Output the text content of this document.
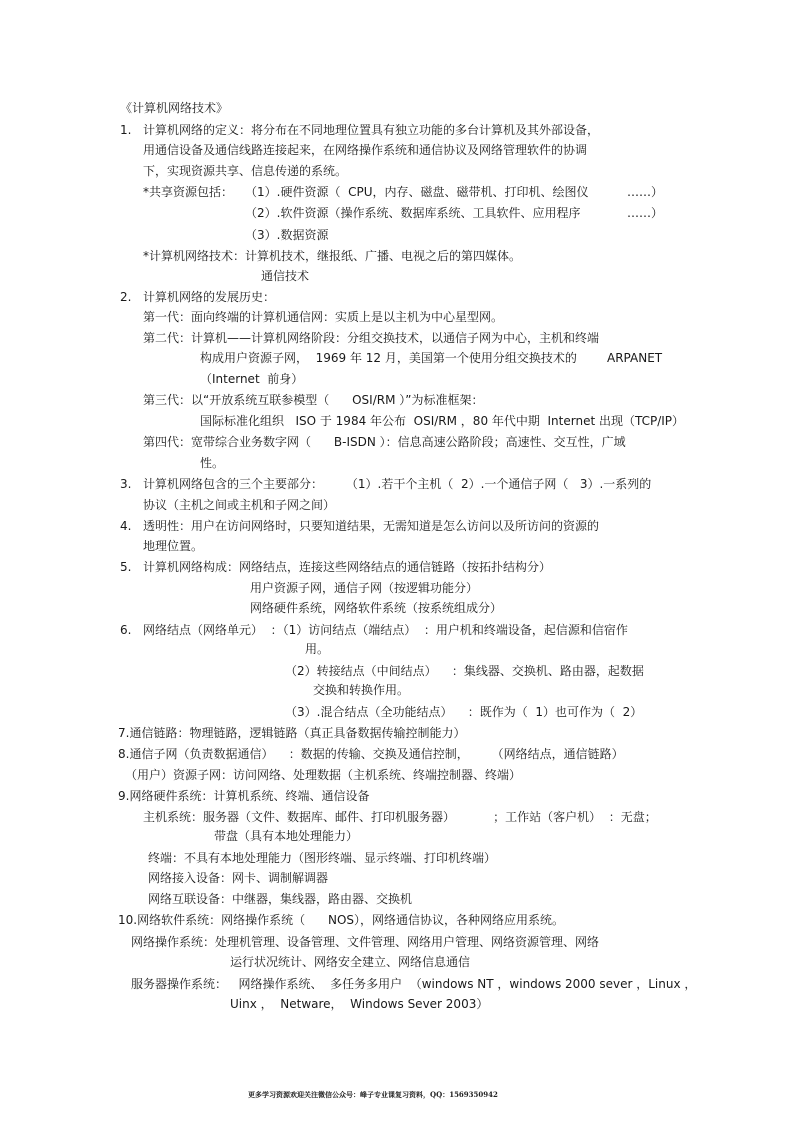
《计算机网络技术》
1. 计算机网络的定义：将分布在不同地理位置具有独立功能的多台计算机及其外部设备，
用通信设备及通信线路连接起来，在网络操作系统和通信协议及网络管理软件的协调
下，实现资源共享、信息传递的系统。
*共享资源包括： （1）.硬件资源（  CPU，内存、磁盘、磁带机、打印机、绘图仪	……）
（2）.软件资源（操作系统、数据库系统、工具软件、应用程序	……）
（3）.数据资源
*计算机网络技术：计算机技术，继报纸、广播、电视之后的第四媒体。
通信技术
2. 计算机网络的发展历史：
第一代：面向终端的计算机通信网：实质上是以主机为中心星型网。
第二代：计算机——计算机网络阶段：分组交换技术，以通信子网为中心，主机和终端
构成用户资源子网，  1969 年 12 月，美国第一个使用分组交换技术的	ARPANET
（Internet  前身）
第三代：以“开放系统互联参模型（      OSI/RM ）”为标准框架：
国际标准化组织   ISO 于 1984 年公布  OSI/RM ，80 年代中期  Internet 出现（TCP/IP）
第四代：宽带综合业务数字网（      B-ISDN ）：信息高速公路阶段；高速性、交互性，广域
性。
3. 计算机网络包含的三个主要部分：      （1）.若干个主机（  2）.一个通信子网（   3）.一系列的
协议（主机之间或主机和子网之间）
4. 透明性：用户在访问网络时，只要知道结果，无需知道是怎么访问以及所访问的资源的
地理位置。
5. 计算机网络构成：网络结点，连接这些网络结点的通信链路（按拓扑结构分）
用户资源子网，通信子网（按逻辑功能分）
网络硬件系统，网络软件系统（按系统组成分）
6. 网络结点（网络单元）  ：（1）访问结点（端结点）  ：用户机和终端设备，起信源和信宿作
用。
（2）转接结点（中间结点）    ：集线器、交换机、路由器，起数据
交换和转换作用。
（3）.混合结点（全功能结点）    ：既作为（  1）也可作为（  2）
7.通信链路：物理链路，逻辑链路（真正具备数据传输控制能力）
8.通信子网（负责数据通信）    ：数据的传输、交换及通信控制，      （网络结点，通信链路）
（用户）资源子网：访问网络、处理数据（主机系统、终端控制器、终端）
9.网络硬件系统：计算机系统、终端、通信设备
主机系统：服务器（文件、数据库、邮件、打印机服务器）          ；工作站（客户机）  ：无盘；
带盘（具有本地处理能力）
终端：不具有本地处理能力（图形终端、显示终端、打印机终端）
网络接入设备：网卡、调制解调器
网络互联设备：中继器，集线器，路由器、交换机
10.网络软件系统：网络操作系统（      NOS），网络通信协议，各种网络应用系统。
网络操作系统：处理机管理、设备管理、文件管理、网络用户管理、网络资源管理、网络
运行状况统计、网络安全建立、网络信息通信
服务器操作系统：   网络操作系统、  多任务多用户  （windows NT ，windows 2000 sever ，Linux ，
Uinx ，  Netware，  Windows Sever 2003）
更多学习资源欢迎关注微信公众号：峰子专业课复习资料，QQ：1569350942
